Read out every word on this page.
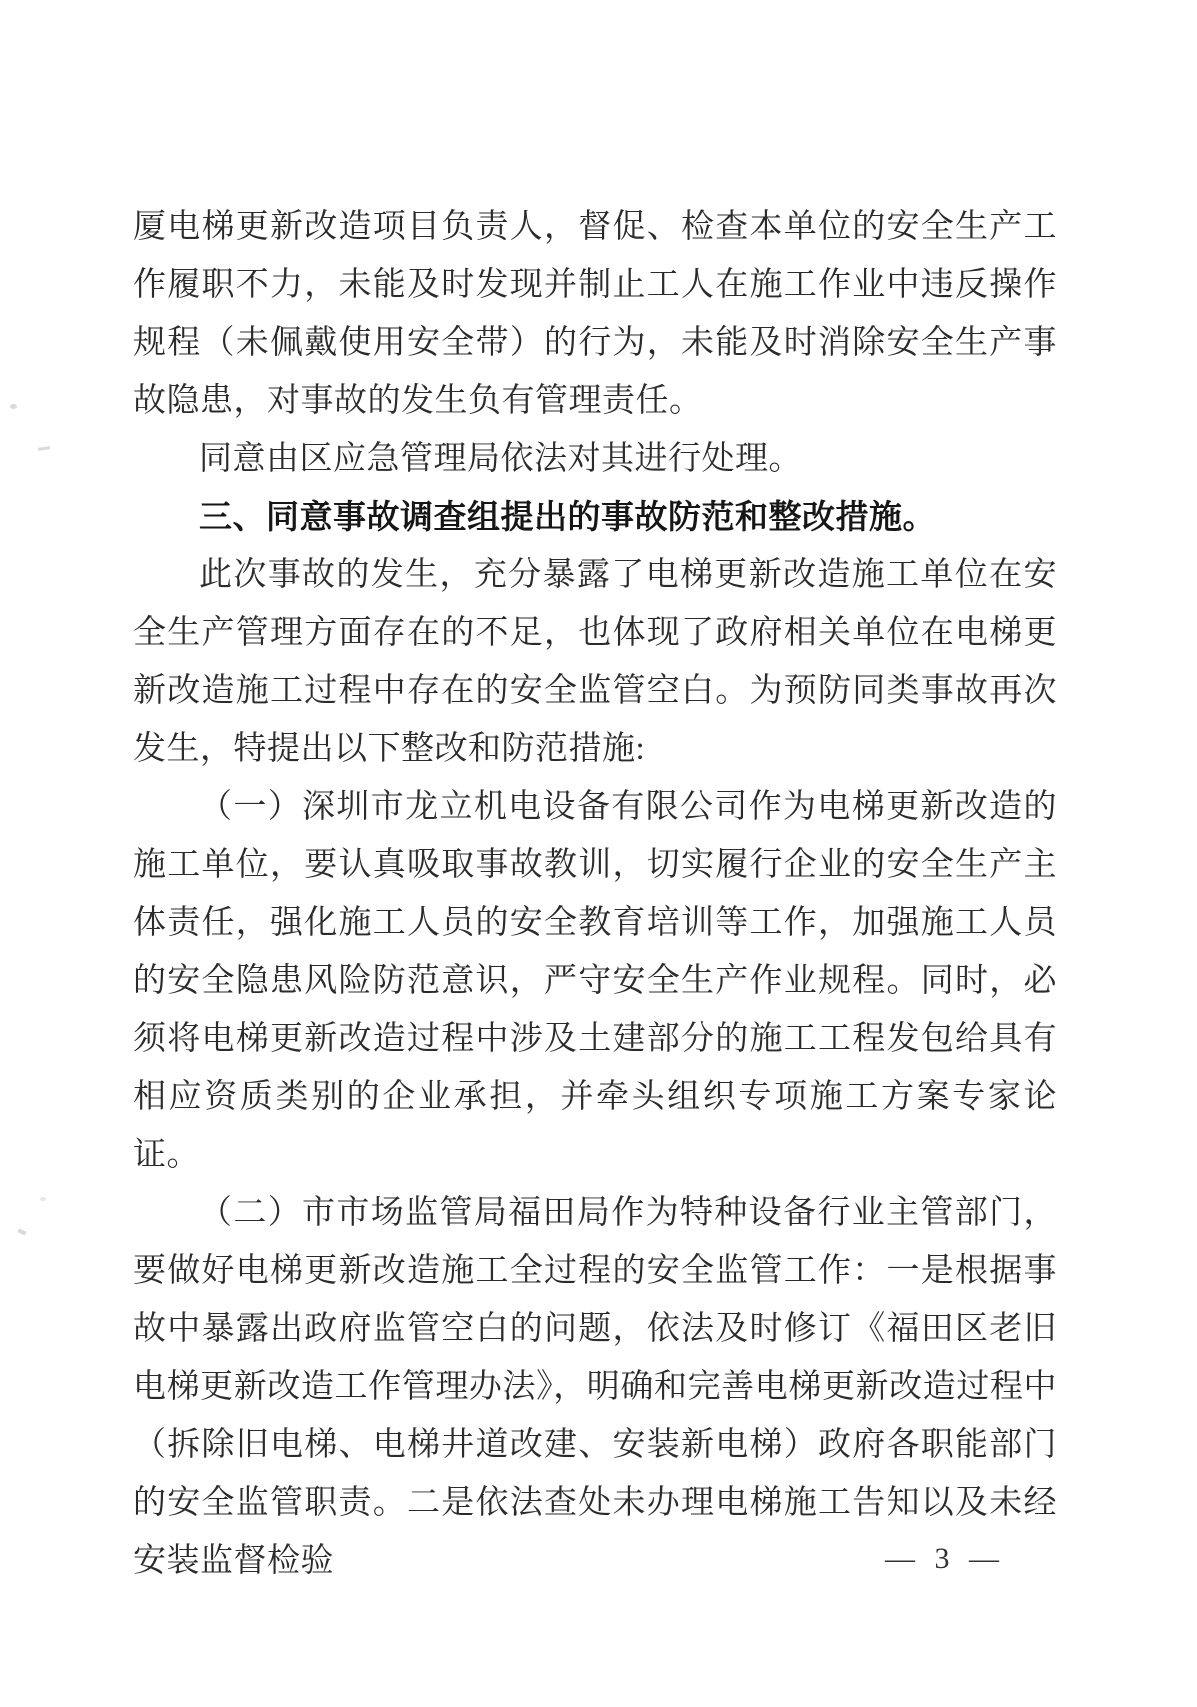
厦电梯更新改造项目负责人，督促、检查本单位的安全生产工作履职不力，未能及时发现并制止工人在施工作业中违反操作规程（未佩戴使用安全带）的行为，未能及时消除安全生产事故隐患，对事故的发生负有管理责任。

同意由区应急管理局依法对其进行处理。

三、同意事故调查组提出的事故防范和整改措施。

此次事故的发生，充分暴露了电梯更新改造施工单位在安全生产管理方面存在的不足，也体现了政府相关单位在电梯更新改造施工过程中存在的安全监管空白。为预防同类事故再次发生，特提出以下整改和防范措施:

（一）深圳市龙立机电设备有限公司作为电梯更新改造的施工单位，要认真吸取事故教训，切实履行企业的安全生产主体责任，强化施工人员的安全教育培训等工作，加强施工人员的安全隐患风险防范意识，严守安全生产作业规程。同时，必须将电梯更新改造过程中涉及土建部分的施工工程发包给具有相应资质类别的企业承担，并牵头组织专项施工方案专家论证。

（二）市市场监管局福田局作为特种设备行业主管部门，要做好电梯更新改造施工全过程的安全监管工作：一是根据事故中暴露出政府监管空白的问题，依法及时修订《福田区老旧电梯更新改造工作管理办法》，明确和完善电梯更新改造过程中（拆除旧电梯、电梯井道改建、安装新电梯）政府各职能部门的安全监管职责。二是依法查处未办理电梯施工告知以及未经安装监督检验	— 3 —
